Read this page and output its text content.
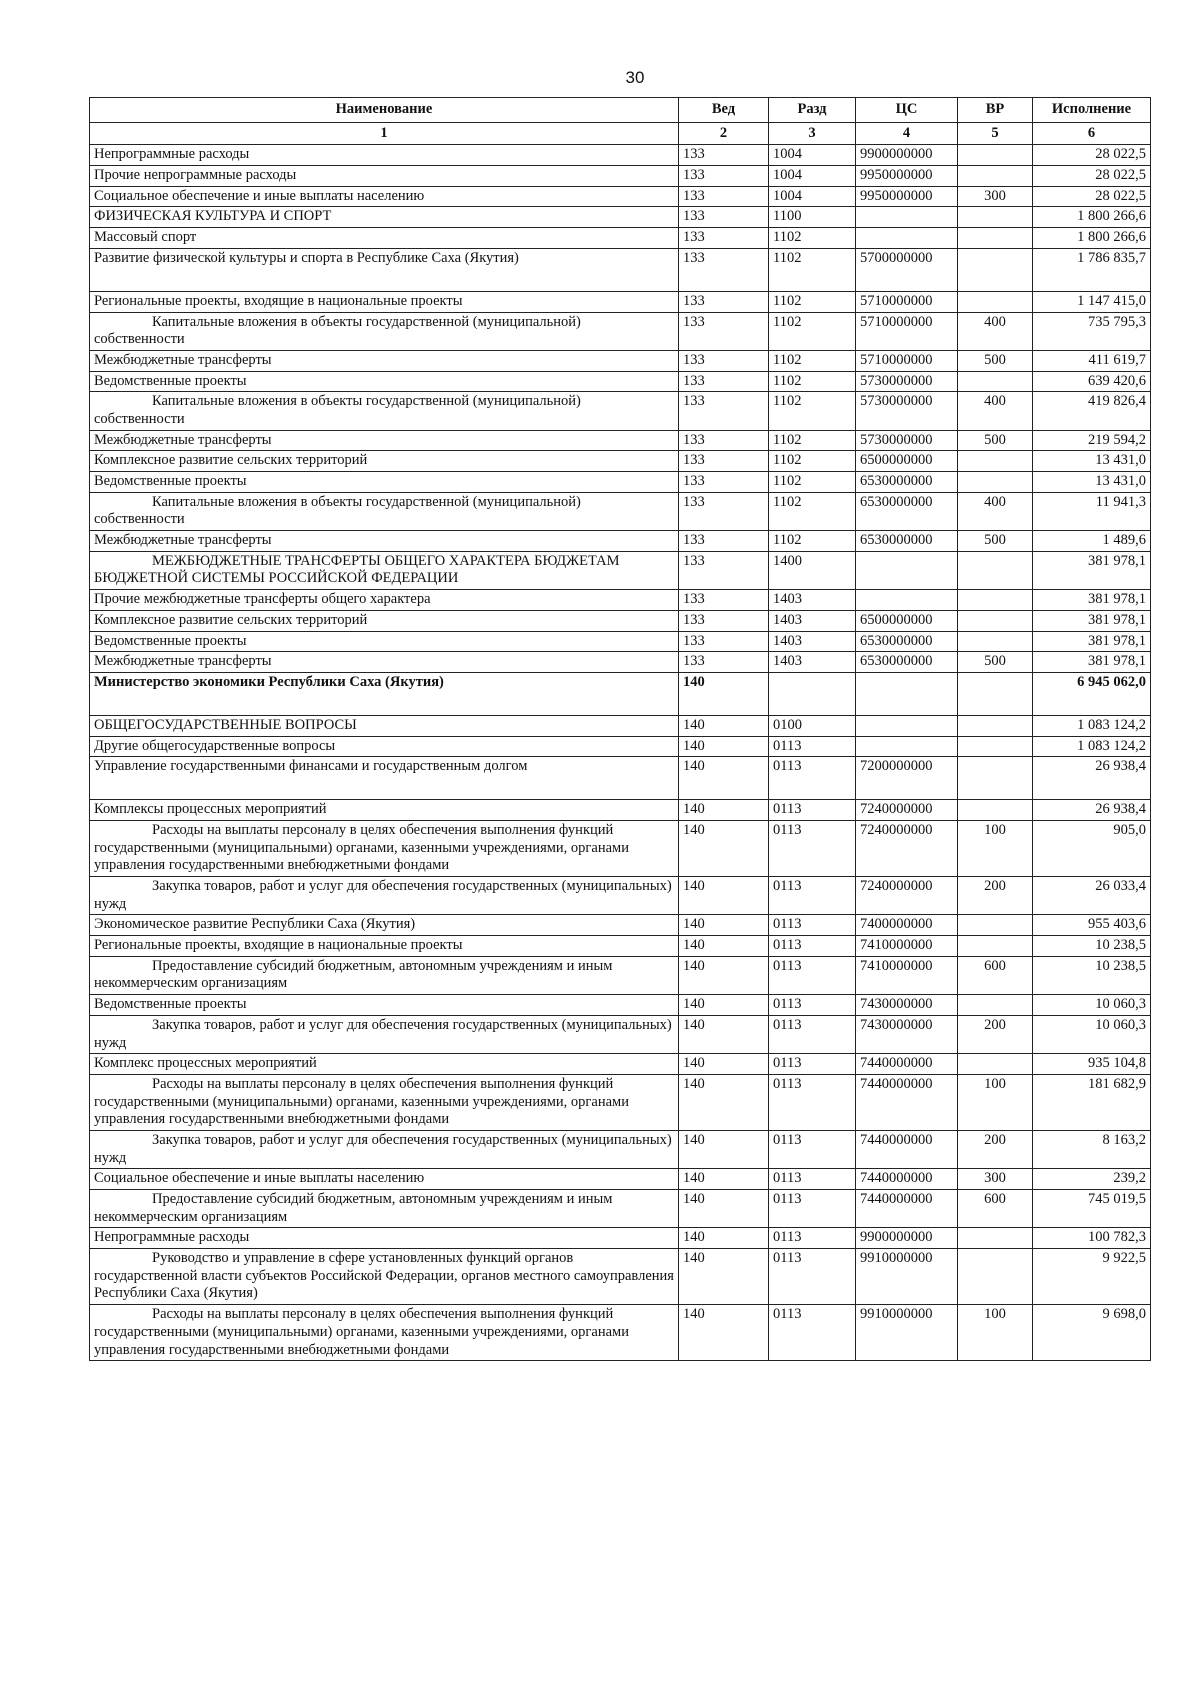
30
Наименование	Вед	Разд	ЦС	ВР	Исполнение
1	2	3	4	5	6
Непрограммные расходы	133	1004	9900000000		28 022,5
Прочие непрограммные расходы	133	1004	9950000000		28 022,5
Социальное обеспечение и иные выплаты населению	133	1004	9950000000	300	28 022,5
ФИЗИЧЕСКАЯ КУЛЬТУРА И СПОРТ	133	1100			1 800 266,6
Массовый спорт	133	1102			1 800 266,6
Развитие физической культуры и спорта в Республике Саха (Якутия)	133	1102	5700000000		1 786 835,7
Региональные проекты, входящие в национальные проекты	133	1102	5710000000		1 147 415,0
Капитальные вложения в объекты государственной (муниципальной) собственности	133	1102	5710000000	400	735 795,3
Межбюджетные трансферты	133	1102	5710000000	500	411 619,7
Ведомственные проекты	133	1102	5730000000		639 420,6
Капитальные вложения в объекты государственной (муниципальной) собственности	133	1102	5730000000	400	419 826,4
Межбюджетные трансферты	133	1102	5730000000	500	219 594,2
Комплексное развитие сельских территорий	133	1102	6500000000		13 431,0
Ведомственные проекты	133	1102	6530000000		13 431,0
Капитальные вложения в объекты государственной (муниципальной) собственности	133	1102	6530000000	400	11 941,3
Межбюджетные трансферты	133	1102	6530000000	500	1 489,6
МЕЖБЮДЖЕТНЫЕ ТРАНСФЕРТЫ ОБЩЕГО ХАРАКТЕРА БЮДЖЕТАМ БЮДЖЕТНОЙ СИСТЕМЫ РОССИЙСКОЙ ФЕДЕРАЦИИ	133	1400			381 978,1
Прочие межбюджетные трансферты общего характера	133	1403			381 978,1
Комплексное развитие сельских территорий	133	1403	6500000000		381 978,1
Ведомственные проекты	133	1403	6530000000		381 978,1
Межбюджетные трансферты	133	1403	6530000000	500	381 978,1
Министерство экономики Республики Саха (Якутия)	140				6 945 062,0
ОБЩЕГОСУДАРСТВЕННЫЕ ВОПРОСЫ	140	0100			1 083 124,2
Другие общегосударственные вопросы	140	0113			1 083 124,2
Управление государственными финансами и государственным долгом	140	0113	7200000000		26 938,4
Комплексы процессных мероприятий	140	0113	7240000000		26 938,4
Расходы на выплаты персоналу в целях обеспечения выполнения функций государственными (муниципальными) органами, казенными учреждениями, органами управления государственными внебюджетными фондами	140	0113	7240000000	100	905,0
Закупка товаров, работ и услуг для обеспечения государственных (муниципальных) нужд	140	0113	7240000000	200	26 033,4
Экономическое развитие Республики Саха (Якутия)	140	0113	7400000000		955 403,6
Региональные проекты, входящие в национальные проекты	140	0113	7410000000		10 238,5
Предоставление субсидий бюджетным, автономным учреждениям и иным некоммерческим организациям	140	0113	7410000000	600	10 238,5
Ведомственные проекты	140	0113	7430000000		10 060,3
Закупка товаров, работ и услуг для обеспечения государственных (муниципальных) нужд	140	0113	7430000000	200	10 060,3
Комплекс процессных мероприятий	140	0113	7440000000		935 104,8
Расходы на выплаты персоналу в целях обеспечения выполнения функций государственными (муниципальными) органами, казенными учреждениями, органами управления государственными внебюджетными фондами	140	0113	7440000000	100	181 682,9
Закупка товаров, работ и услуг для обеспечения государственных (муниципальных) нужд	140	0113	7440000000	200	8 163,2
Социальное обеспечение и иные выплаты населению	140	0113	7440000000	300	239,2
Предоставление субсидий бюджетным, автономным учреждениям и иным некоммерческим организациям	140	0113	7440000000	600	745 019,5
Непрограммные расходы	140	0113	9900000000		100 782,3
Руководство и управление в сфере установленных функций органов государственной власти субъектов Российской Федерации, органов местного самоуправления Республики Саха (Якутия)	140	0113	9910000000		9 922,5
Расходы на выплаты персоналу в целях обеспечения выполнения функций государственными (муниципальными) органами, казенными учреждениями, органами управления государственными внебюджетными фондами	140	0113	9910000000	100	9 698,0
